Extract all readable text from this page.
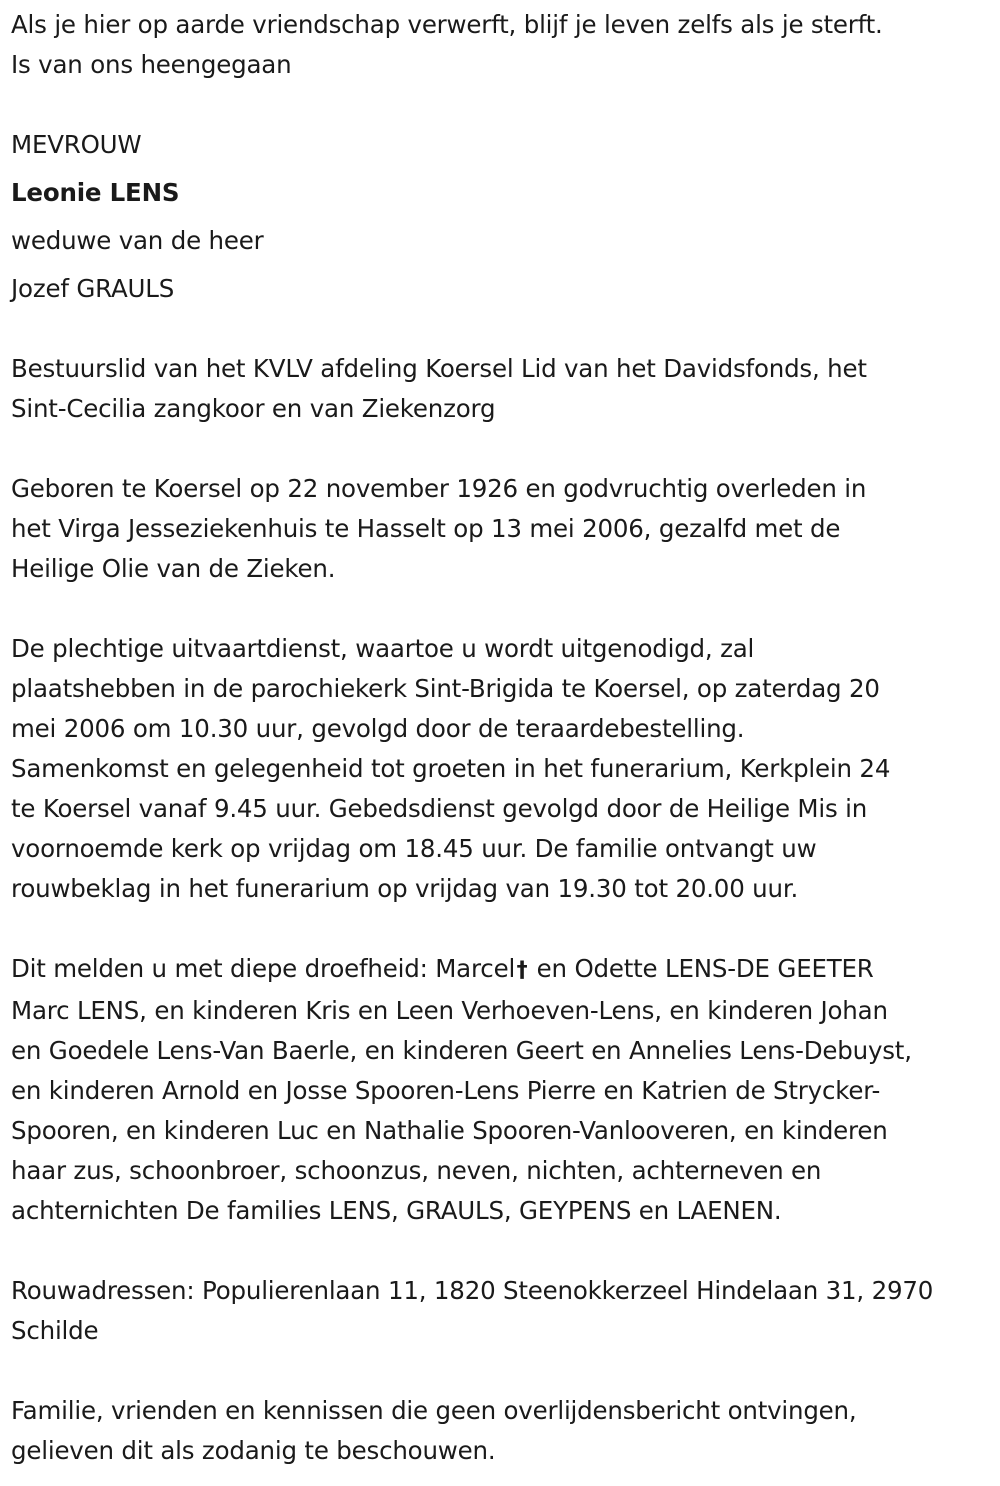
Als je hier op aarde vriendschap verwerft, blijf je leven zelfs als je sterft.
Is van ons heengegaan
MEVROUW
Leonie LENS
weduwe van de heer
Jozef GRAULS
Bestuurslid van het KVLV afdeling Koersel Lid van het Davidsfonds, het
Sint-Cecilia zangkoor en van Ziekenzorg
Geboren te Koersel op 22 november 1926 en godvruchtig overleden in
het Virga Jesseziekenhuis te Hasselt op 13 mei 2006, gezalfd met de
Heilige Olie van de Zieken.
De plechtige uitvaartdienst, waartoe u wordt uitgenodigd, zal
plaatshebben in de parochiekerk Sint-Brigida te Koersel, op zaterdag 20
mei 2006 om 10.30 uur, gevolgd door de teraardebestelling.
Samenkomst en gelegenheid tot groeten in het funerarium, Kerkplein 24
te Koersel vanaf 9.45 uur. Gebedsdienst gevolgd door de Heilige Mis in
voornoemde kerk op vrijdag om 18.45 uur. De familie ontvangt uw
rouwbeklag in het funerarium op vrijdag van 19.30 tot 20.00 uur.
Dit melden u met diepe droefheid: Marcel† en Odette LENS-DE GEETER
Marc LENS, en kinderen Kris en Leen Verhoeven-Lens, en kinderen Johan
en Goedele Lens-Van Baerle, en kinderen Geert en Annelies Lens-Debuyst,
en kinderen Arnold en Josse Spooren-Lens Pierre en Katrien de Strycker-
Spooren, en kinderen Luc en Nathalie Spooren-Vanlooveren, en kinderen
haar zus, schoonbroer, schoonzus, neven, nichten, achterneven en
achternichten De families LENS, GRAULS, GEYPENS en LAENEN.
Rouwadressen: Populierenlaan 11, 1820 Steenokkerzeel Hindelaan 31, 2970
Schilde
Familie, vrienden en kennissen die geen overlijdensbericht ontvingen,
gelieven dit als zodanig te beschouwen.
